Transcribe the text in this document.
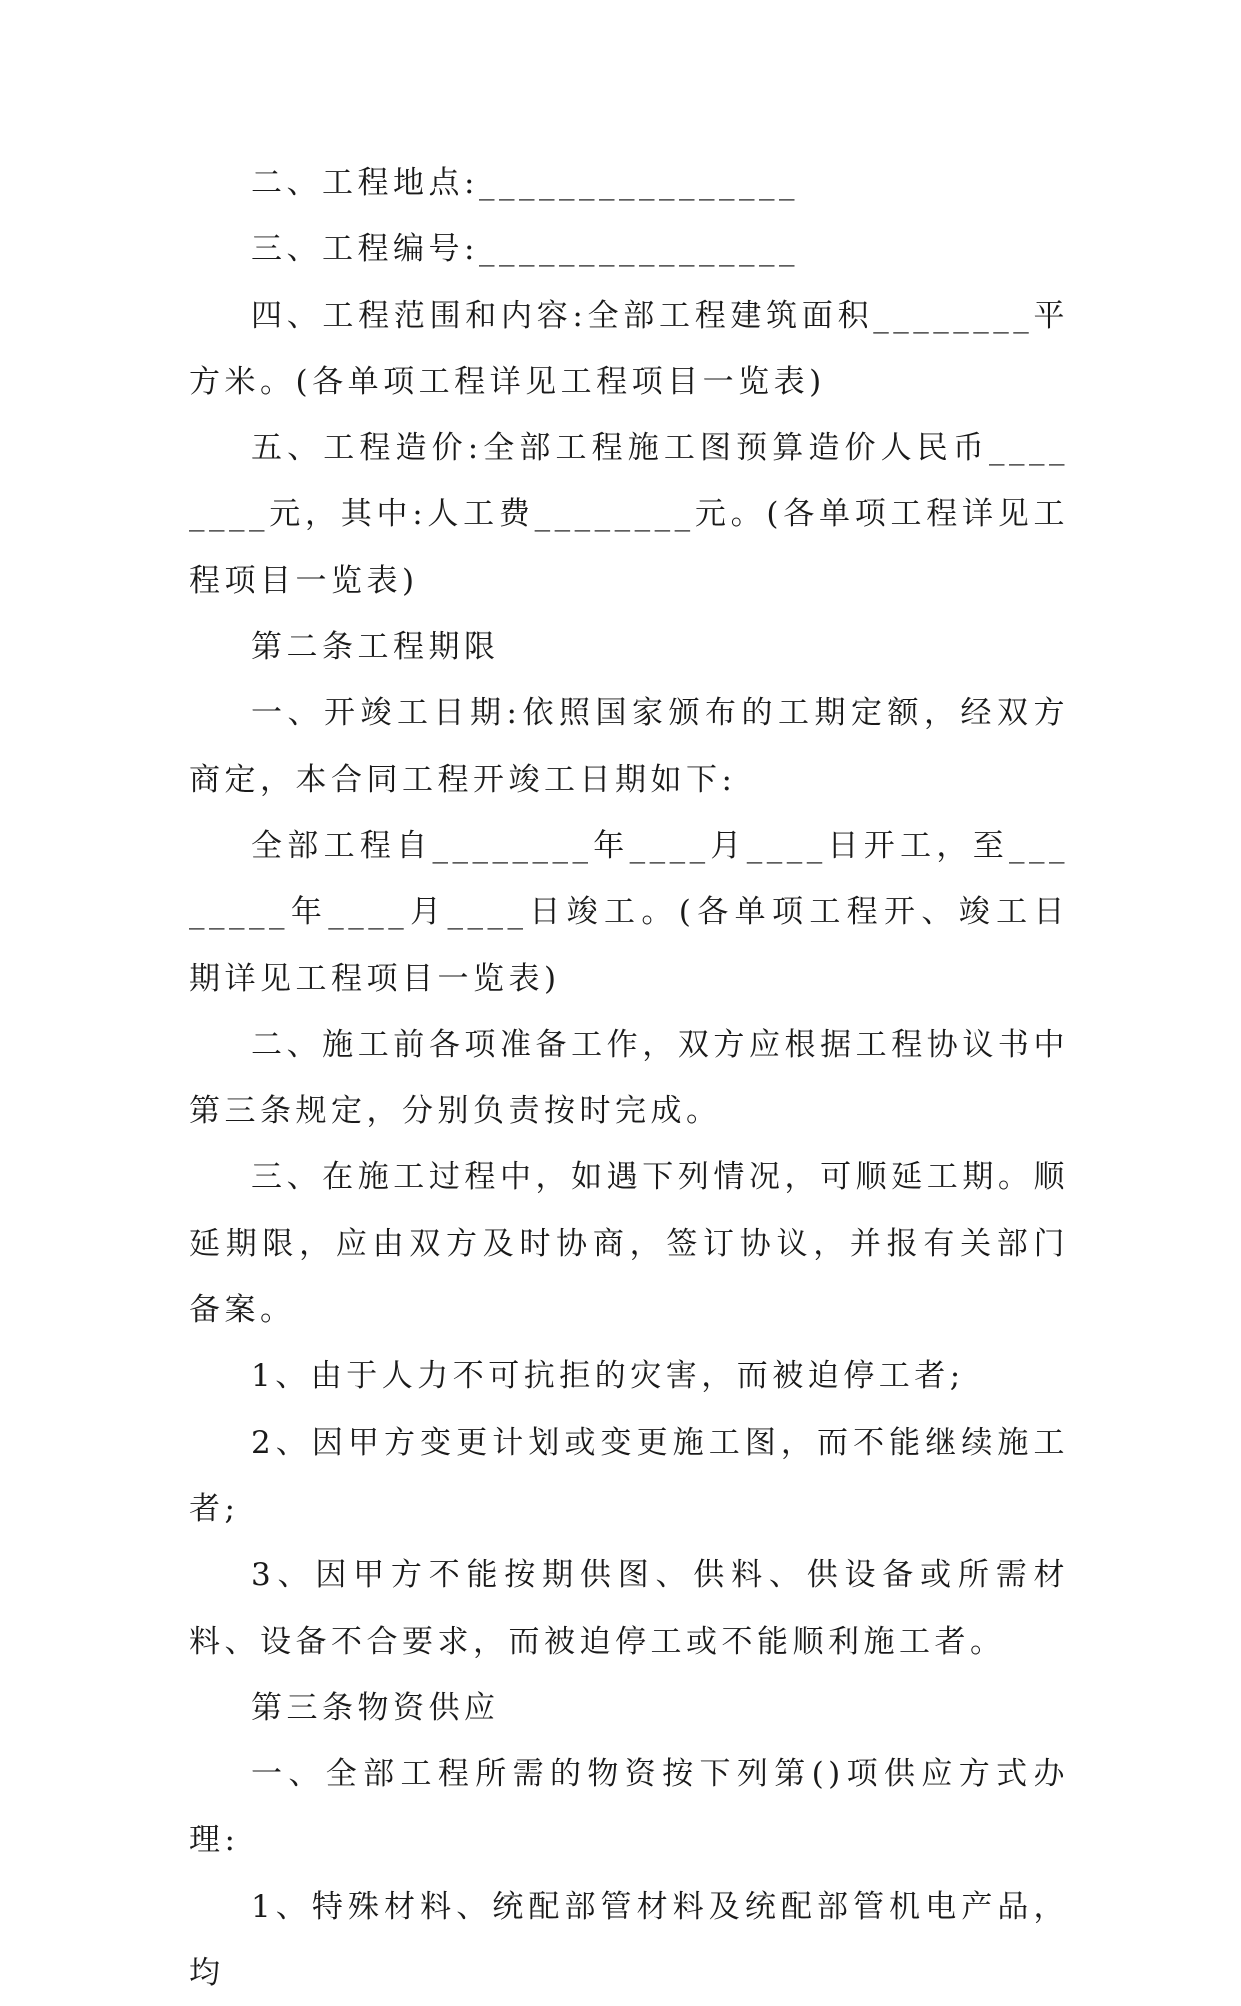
二、工程地点:________________

三、工程编号:________________

四、工程范围和内容:全部工程建筑面积________平方米。(各单项工程详见工程项目一览表)

五、工程造价:全部工程施工图预算造价人民币________元，其中:人工费________元。(各单项工程详见工程项目一览表)

第二条工程期限

一、开竣工日期:依照国家颁布的工期定额，经双方商定，本合同工程开竣工日期如下:

全部工程自________年____月____日开工，至________年____月____日竣工。(各单项工程开、竣工日期详见工程项目一览表)

二、施工前各项准备工作，双方应根据工程协议书中第三条规定，分别负责按时完成。

三、在施工过程中，如遇下列情况，可顺延工期。顺延期限，应由双方及时协商，签订协议，并报有关部门备案。

1、由于人力不可抗拒的灾害，而被迫停工者;

2、因甲方变更计划或变更施工图，而不能继续施工者;

3、因甲方不能按期供图、供料、供设备或所需材料、设备不合要求，而被迫停工或不能顺利施工者。

第三条物资供应

一、全部工程所需的物资按下列第()项供应方式办理:

1、特殊材料、统配部管材料及统配部管机电产品，均
